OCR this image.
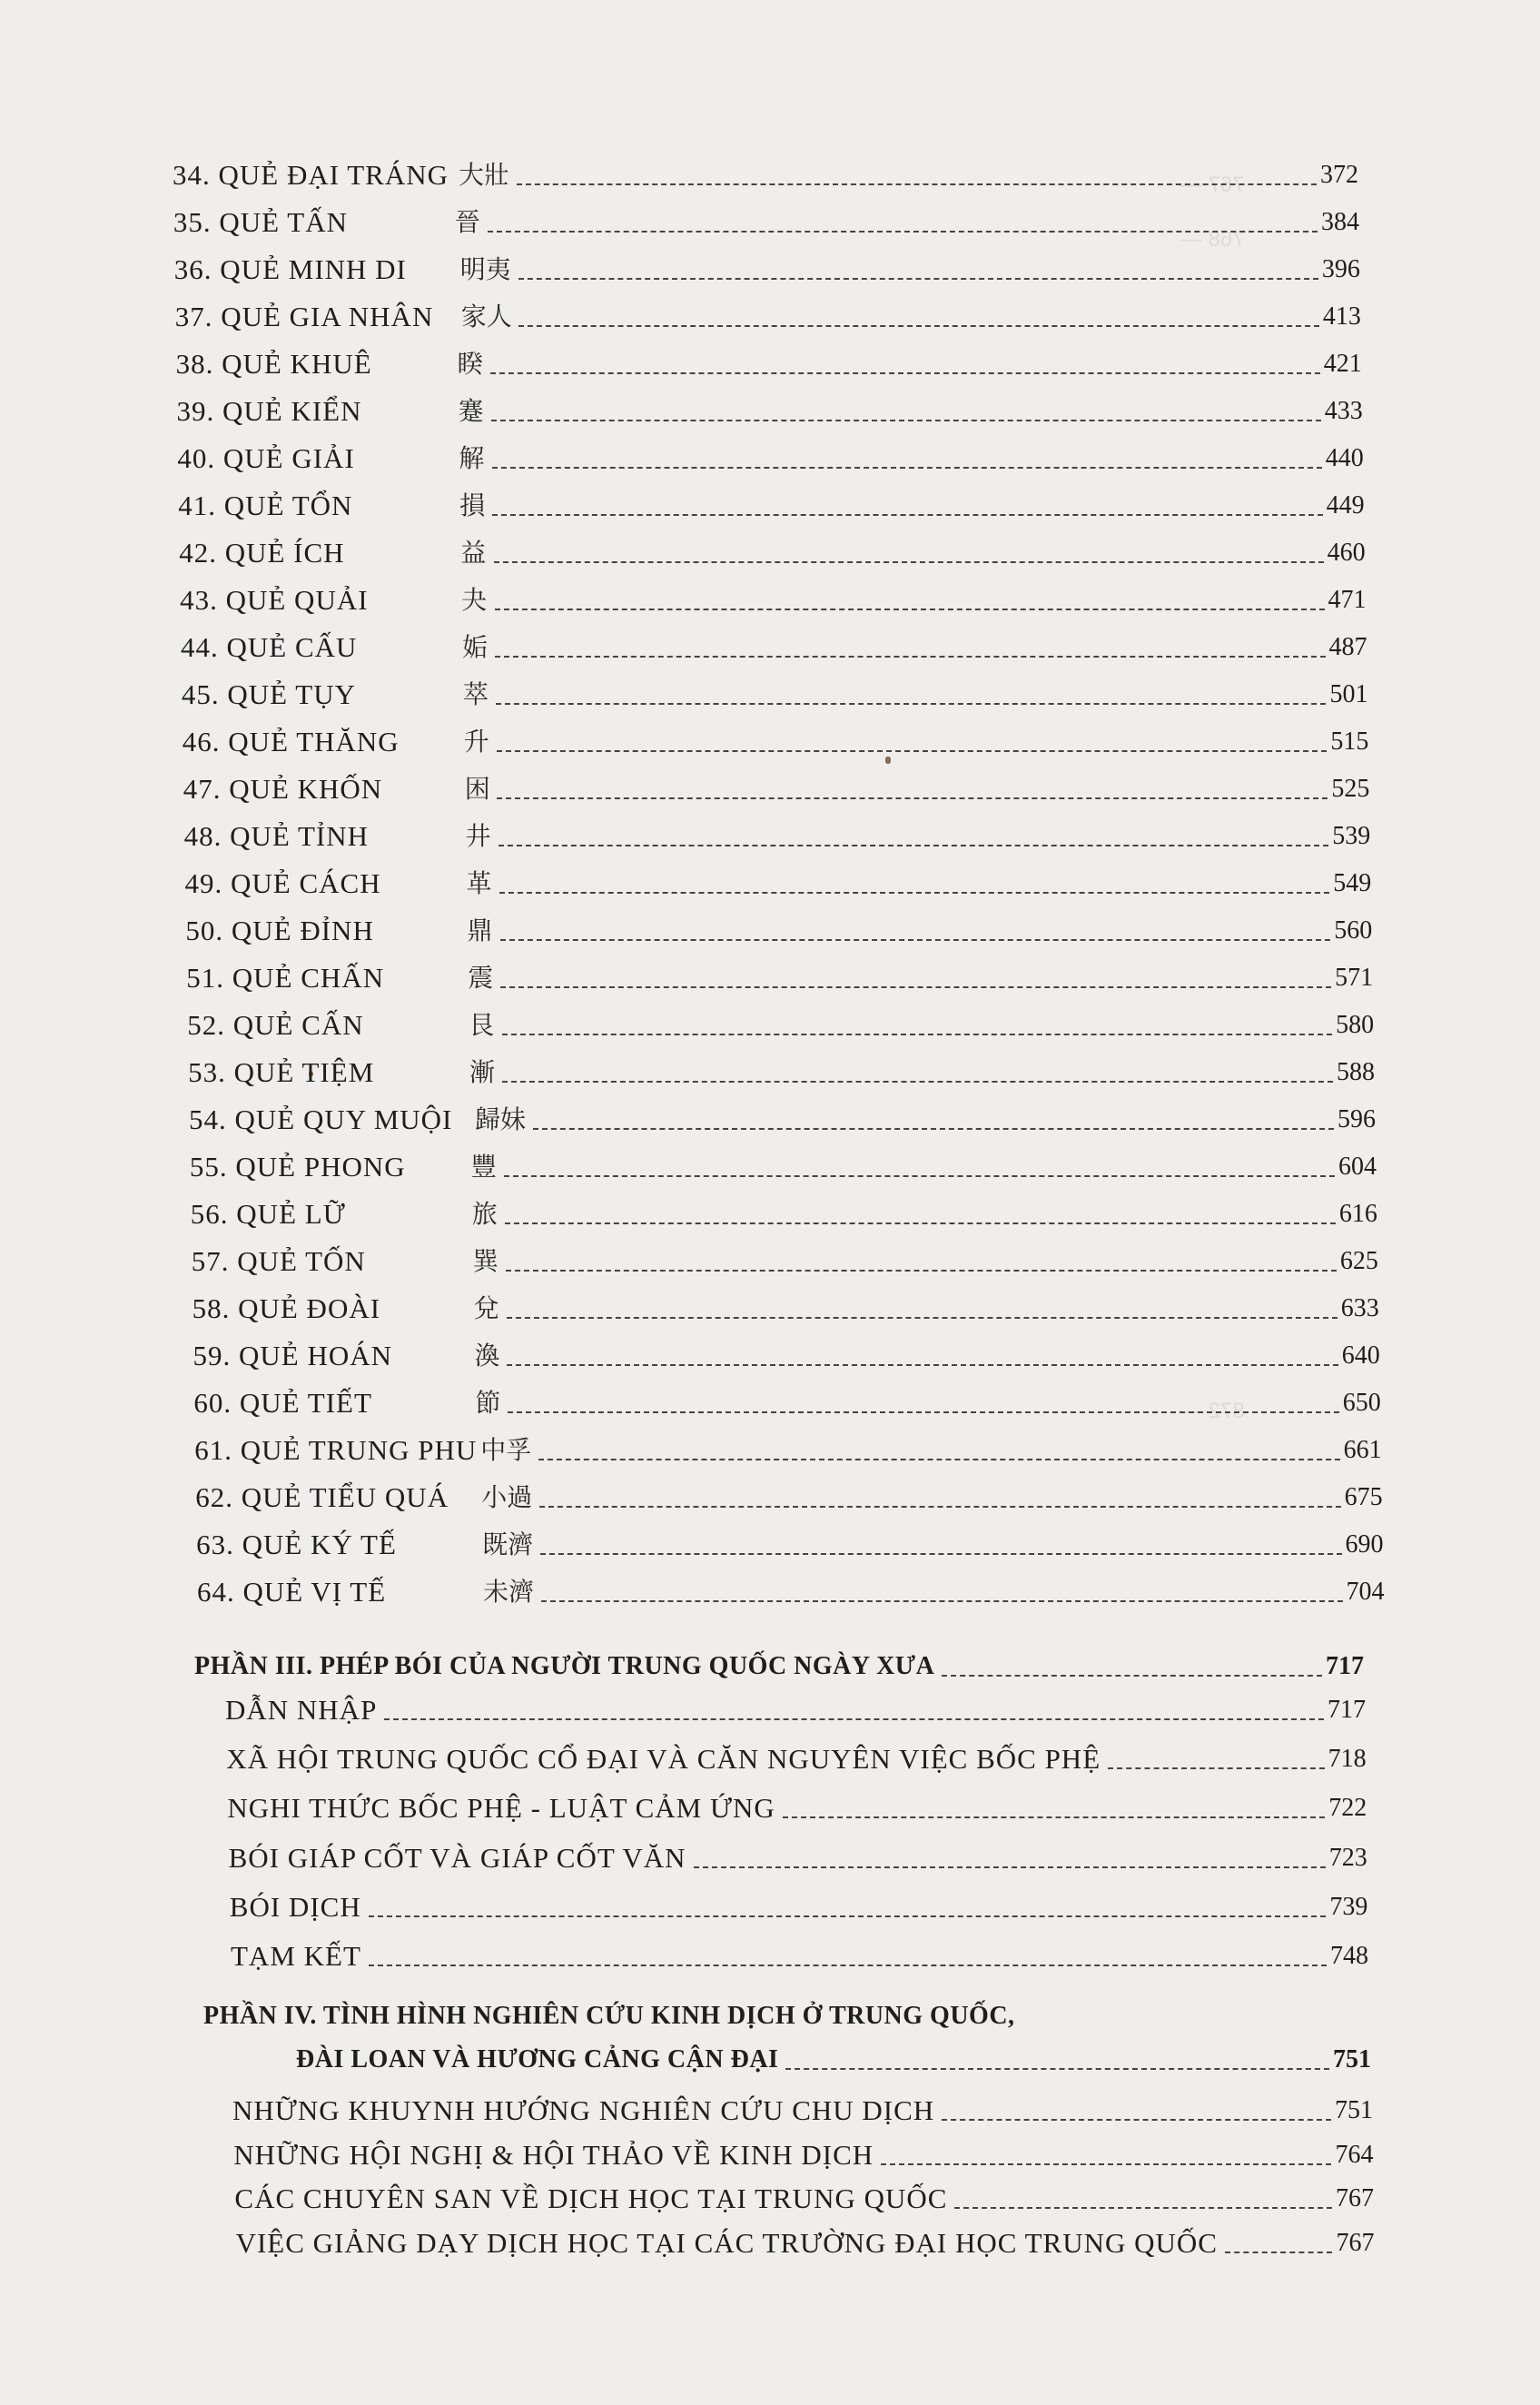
767 —
768 —
872 —
34. QUẺ ĐẠI TRÁNG 大壯	372
35. QUẺ TẤN	晉	384
36. QUẺ MINH DI 明夷	396
37. QUẺ GIA NHÂN 家人	413
38. QUẺ KHUÊ	睽	421
39. QUẺ KIỂN	蹇	433
40. QUẺ GIẢI	解	440
41. QUẺ TỔN	損	449
42. QUẺ ÍCH	益	460
43. QUẺ QUẢI	夬	471
44. QUẺ CẤU	姤	487
45. QUẺ TỤY	萃	501
46. QUẺ THĂNG	升	515
47. QUẺ KHỐN	困	525
48. QUẺ TỈNH	井	539
49. QUẺ CÁCH	革	549
50. QUẺ ĐỈNH	鼎	560
51. QUẺ CHẤN	震	571
52. QUẺ CẤN	艮	580
53. QUẺ TIỆM	漸	588
54. QUẺ QUY MUỘI 歸妹	596
55. QUẺ PHONG	豐	604
56. QUẺ LỮ	旅	616
57. QUẺ TỐN	巽	625
58. QUẺ ĐOÀI	兌	633
59. QUẺ HOÁN	渙	640
60. QUẺ TIẾT	節	650
61. QUẺ TRUNG PHU 中孚	661
62. QUẺ TIỂU QUÁ 小過	675
63. QUẺ KÝ TẾ	既濟	690
64. QUẺ VỊ TẾ	未濟	704
PHẦN III. PHÉP BÓI CỦA NGƯỜI TRUNG QUỐC NGÀY XƯA	717
DẪN NHẬP	717
XÃ HỘI TRUNG QUỐC CỔ ĐẠI VÀ CĂN NGUYÊN VIỆC BỐC PHỆ	718
NGHI THỨC BỐC PHỆ - LUẬT CẢM ỨNG	722
BÓI GIÁP CỐT VÀ GIÁP CỐT VĂN	723
BÓI DỊCH	739
TẠM KẾT	748
PHẦN IV. TÌNH HÌNH NGHIÊN CỨU KINH DỊCH Ở TRUNG QUỐC,
ĐÀI LOAN VÀ HƯƠNG CẢNG CẬN ĐẠI	751
NHỮNG KHUYNH HƯỚNG NGHIÊN CỨU CHU DỊCH	751
NHỮNG HỘI NGHỊ & HỘI THẢO VỀ KINH DỊCH	764
CÁC CHUYÊN SAN VỀ DỊCH HỌC TẠI TRUNG QUỐC	767
VIỆC GIẢNG DẠY DỊCH HỌC TẠI CÁC TRƯỜNG ĐẠI HỌC TRUNG QUỐC	767
